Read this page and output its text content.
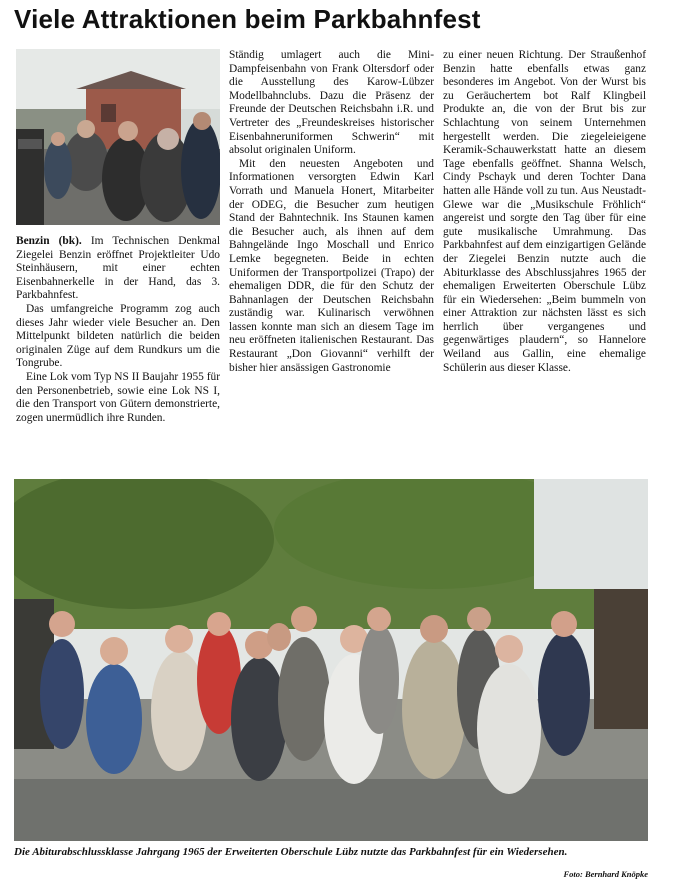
Viele Attraktionen beim Parkbahnfest

Benzin (bk). Im Technischen Denkmal Ziegelei Benzin eröffnet Projektleiter Udo Steinhäusern, mit einer echten Eisenbahnerkelle in der Hand, das 3. Parkbahnfest.

Das umfangreiche Programm zog auch dieses Jahr wieder viele Besucher an. Den Mittelpunkt bildeten natürlich die beiden originalen Züge auf dem Rundkurs um die Tongrube.

Eine Lok vom Typ NS II Baujahr 1955 für den Personenbetrieb, sowie eine Lok NS I, die den Transport von Gütern demonstrierte, zogen unermüdlich ihre Runden.

Ständig umlagert auch die Mini-Dampfeisenbahn von Frank Oltersdorf oder die Ausstellung des Karow-Lübzer Modellbahnclubs. Dazu die Präsenz der Freunde der Deutschen Reichsbahn i.R. und Vertreter des „Freundeskreises historischer Eisenbahneruniformen Schwerin“ mit absolut originalen Uniform.

Mit den neuesten Angeboten und Informationen versorgten Edwin Karl Vorrath und Manuela Honert, Mitarbeiter der ODEG, die Besucher zum heutigen Stand der Bahntechnik. Ins Staunen kamen die Besucher auch, als ihnen auf dem Bahngelände Ingo Moschall und Enrico Lemke begegneten. Beide in echten Uniformen der Transportpolizei (Trapo) der ehemaligen DDR, die für den Schutz der Bahnanlagen der Deutschen Reichsbahn zuständig war. Kulinarisch verwöhnen lassen konnte man sich an diesem Tage im neu eröffneten italienischen Restaurant. Das Restaurant „Don Giovanni“ verhilft der bisher hier ansässigen Gastronomie

zu einer neuen Richtung. Der Straußenhof Benzin hatte ebenfalls etwas ganz besonderes im Angebot. Von der Wurst bis zu Geräuchertem bot Ralf Klingbeil Produkte an, die von der Brut bis zur Schlachtung von seinem Unternehmen hergestellt werden. Die ziegeleieigene Keramik-Schauwerkstatt hatte an diesem Tage ebenfalls geöffnet. Shanna Welsch, Cindy Pschayk und deren Tochter Dana hatten alle Hände voll zu tun. Aus Neustadt-Glewe war die „Musikschule Fröhlich“ angereist und sorgte den Tag über für eine gute musikalische Umrahmung. Das Parkbahnfest auf dem einzigartigen Gelände der Ziegelei Benzin nutzte auch die Abiturklasse des Abschlussjahres 1965 der ehemaligen Erweiterten Oberschule Lübz für ein Wiedersehen: „Beim bummeln von einer Attraktion zur nächsten lässt es sich herrlich über vergangenes und gegenwärtiges plaudern“, so Hannelore Weiland aus Gallin, eine ehemalige Schülerin aus dieser Klasse.

Die Abiturabschlussklasse Jahrgang 1965 der Erweiterten Oberschule Lübz nutzte das Parkbahnfest für ein Wiedersehen.
Foto: Bernhard Knöpke
